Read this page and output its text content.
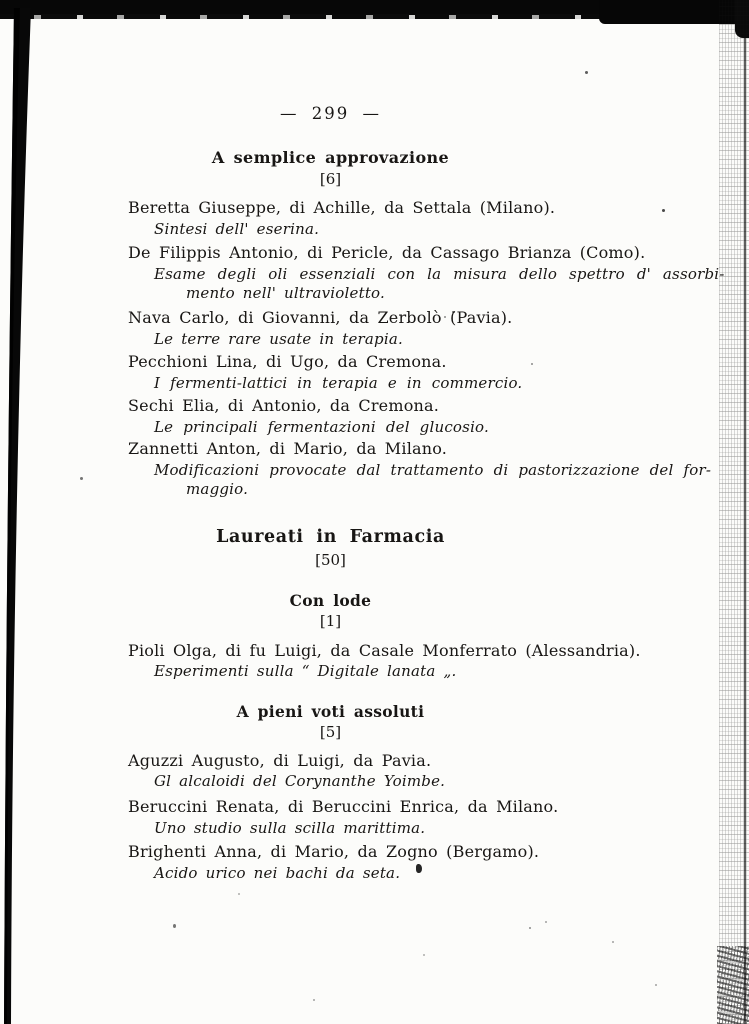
— 299 —
A semplice approvazione
[6]
Beretta Giuseppe, di Achille, da Settala (Milano).
Sintesi dell' eserina.
De Filippis Antonio, di Pericle, da Cassago Brianza (Como).
Esame degli oli essenziali con la misura dello spettro d' assorbi-
mento nell' ultravioletto.
Nava Carlo, di Giovanni, da Zerbolò (Pavia).
Le terre rare usate in terapia.
Pecchioni Lina, di Ugo, da Cremona.
I fermenti-lattici in terapia e in commercio.
Sechi Elia, di Antonio, da Cremona.
Le principali fermentazioni del glucosio.
Zannetti Anton, di Mario, da Milano.
Modificazioni provocate dal trattamento di pastorizzazione del for-
maggio.
Laureati in Farmacia
[50]
Con lode
[1]
Pioli Olga, di fu Luigi, da Casale Monferrato (Alessandria).
Esperimenti sulla “ Digitale lanata „.
A pieni voti assoluti
[5]
Aguzzi Augusto, di Luigi, da Pavia.
Gl alcaloidi del Corynanthe Yoimbe.
Beruccini Renata, di Beruccini Enrica, da Milano.
Uno studio sulla scilla marittima.
Brighenti Anna, di Mario, da Zogno (Bergamo).
Acido urico nei bachi da seta.
